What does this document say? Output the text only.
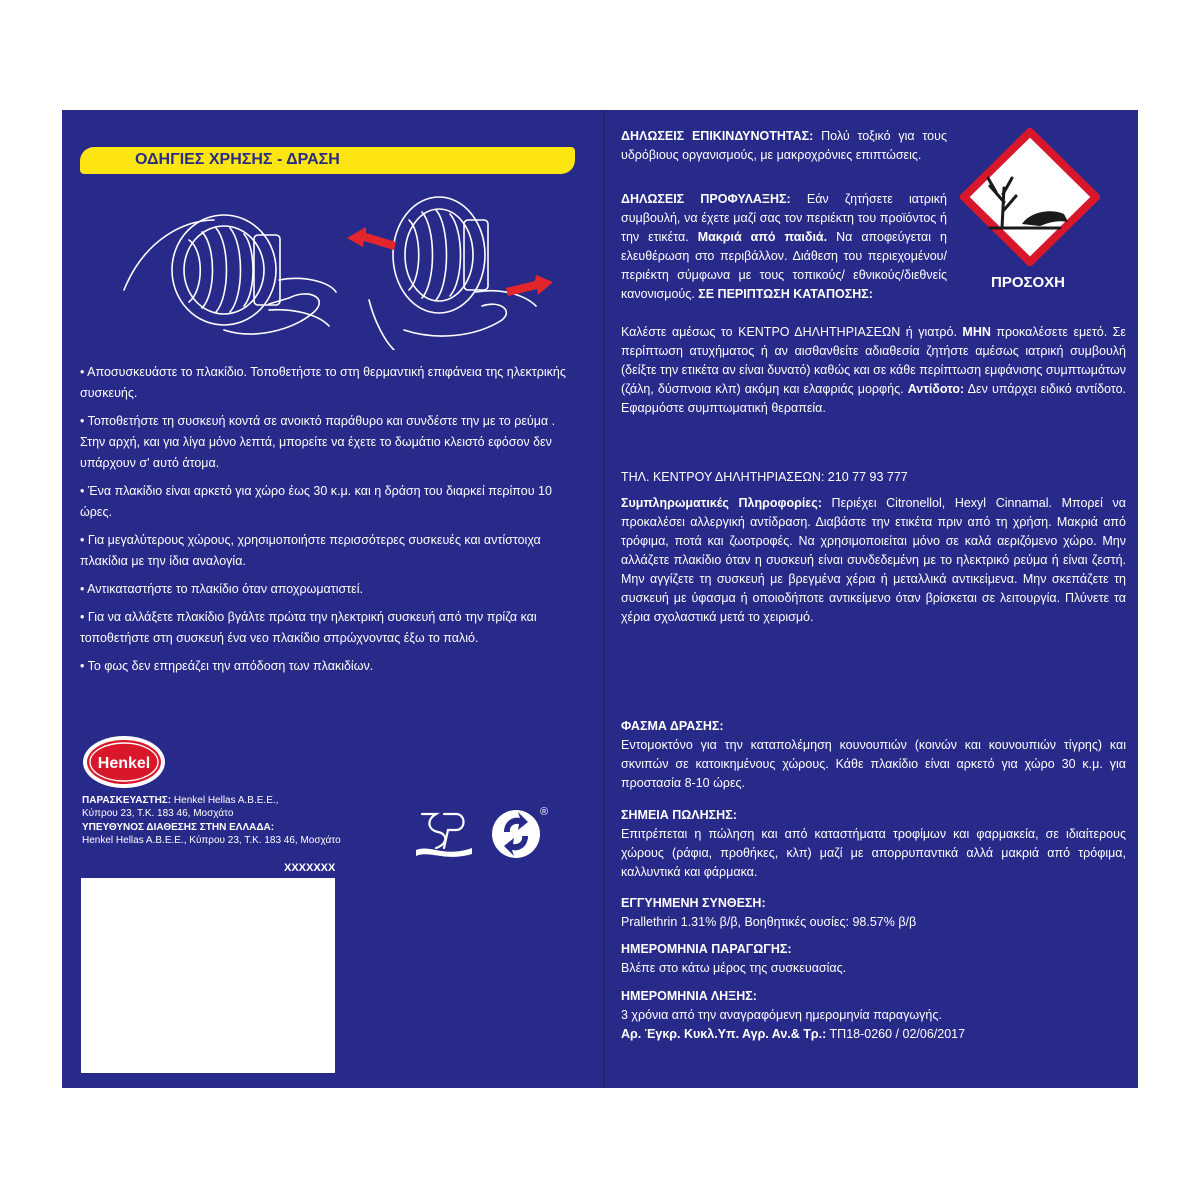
ΟΔΗΓΙΕΣ ΧΡΗΣΗΣ - ΔΡΑΣΗ

• Αποσυσκευάστε το πλακίδιο. Τοποθετήστε το στη θερμαντική επιφάνεια της ηλεκτρικής συσκευής.

• Τοποθετήστε τη συσκευή κοντά σε ανοικτό παράθυρο και συνδέστε την με το ρεύμα . Στην αρχή, και για λίγα μόνο λεπτά, μπορείτε να έχετε το δωμάτιο κλειστό εφόσον δεν υπάρχουν σ' αυτό άτομα.

• Ένα πλακίδιο είναι αρκετό για χώρο έως 30 κ.μ. και η δράση του διαρκεί περίπου 10 ώρες.

• Για μεγαλύτερους χώρους, χρησιμοποιήστε περισσότερες συσκευές και αντίστοιχα πλακίδια με την ίδια αναλογία.

• Αντικαταστήστε το πλακίδιο όταν αποχρωματιστεί.

• Για να αλλάξετε πλακίδιο βγάλτε πρώτα την ηλεκτρική συσκευή από την πρίζα και τοποθετήστε στη συσκευή ένα νεο πλακίδιο σπρώχνοντας έξω το παλιό.

• Το φως δεν επηρεάζει την απόδοση των πλακιδίων.

Henkel
ΠΑΡΑΣΚΕΥΑΣΤΗΣ: Henkel Hellas A.B.E.E.,
Κύπρου 23, Τ.Κ. 183 46, Μοσχάτο
ΥΠΕΥΘΥΝΟΣ ΔΙΑΘΕΣΗΣ ΣΤΗΝ ΕΛΛΑΔΑ:
Henkel Hellas A.B.E.E., Κύπρου 23, Τ.Κ. 183 46, Μοσχάτο
XXXXXXX
®
ΠΡΟΣΟΧΗ
ΔΗΛΩΣΕΙΣ ΕΠΙΚΙΝΔΥΝΟΤΗΤΑΣ: Πολύ τοξικό για τους υδρόβιους οργανισμούς, με μακροχρόνιες επιπτώσεις.
ΔΗΛΩΣΕΙΣ ΠΡΟΦΥΛΑΞΗΣ: Εάν ζητήσετε ιατρική συμβουλή, να έχετε μαζί σας τον περιέκτη του προϊόντος ή την ετικέτα. Μακριά από παιδιά. Να αποφεύγεται η ελευθέρωση στο περιβάλλον. Διάθεση του περιεχομένου/ περιέκτη σύμφωνα με τους τοπικούς/ εθνικούς/διεθνείς κανονισμούς. ΣΕ ΠΕΡΙΠΤΩΣΗ ΚΑΤΑΠΟΣΗΣ:
Καλέστε αμέσως το ΚΕΝΤΡΟ ΔΗΛΗΤΗΡΙΑΣΕΩΝ ή γιατρό. ΜΗΝ προκαλέσετε εμετό. Σε περίπτωση ατυχήματος ή αν αισθανθείτε αδιαθεσία ζητήστε αμέσως ιατρική συμβουλή (δείξτε την ετικέτα αν είναι δυνατό) καθώς και σε κάθε περίπτωση εμφάνισης συμπτωμάτων (ζάλη, δύσπνοια κλπ) ακόμη και ελαφριάς μορφής. Αντίδοτο: Δεν υπάρχει ειδικό αντίδοτο. Εφαρμόστε συμπτωματική θεραπεία.
ΤΗΛ. ΚΕΝΤΡΟΥ ΔΗΛΗΤΗΡΙΑΣΕΩΝ: 210 77 93 777
Συμπληρωματικές Πληροφορίες: Περιέχει Citronellol, Hexyl Cinnamal. Μπορεί να προκαλέσει αλλεργική αντίδραση. Διαβάστε την ετικέτα πριν από τη χρήση. Μακριά από τρόφιμα, ποτά και ζωοτροφές. Να χρησιμοποιείται μόνο σε καλά αεριζόμενο χώρο. Μην αλλάζετε πλακίδιο όταν η συσκευή είναι συνδεδεμένη με το ηλεκτρικό ρεύμα ή είναι ζεστή. Μην αγγίζετε τη συσκευή με βρεγμένα χέρια ή μεταλλικά αντικείμενα. Μην σκεπάζετε τη συσκευή με ύφασμα ή οποιοδήποτε αντικείμενο όταν βρίσκεται σε λειτουργία. Πλύνετε τα χέρια σχολαστικά μετά το χειρισμό.
ΦΑΣΜΑ ΔΡΑΣΗΣ:
Εντομοκτόνο για την καταπολέμηση κουνουπιών (κοινών και κουνουπιών τίγρης) και σκνιπών σε κατοικημένους χώρους. Κάθε πλακίδιο είναι αρκετό για χώρο 30 κ.μ. για προστασία 8-10 ώρες.
ΣΗΜΕΙΑ ΠΩΛΗΣΗΣ:
Επιτρέπεται η πώληση και από καταστήματα τροφίμων και φαρμακεία, σε ιδιαίτερους χώρους (ράφια, προθήκες, κλπ) μαζί με απορρυπαντικά αλλά μακριά από τρόφιμα, καλλυντικά και φάρμακα.
ΕΓΓΥΗΜΕΝΗ ΣΥΝΘΕΣΗ:
Prallethrin 1.31% β/β, Βοηθητικές ουσίες: 98.57% β/β
ΗΜΕΡΟΜΗΝΙΑ ΠΑΡΑΓΩΓΗΣ:
Βλέπε στο κάτω μέρος της συσκευασίας.
ΗΜΕΡΟΜΗΝΙΑ ΛΗΞΗΣ:
3 χρόνια από την αναγραφόμενη ημερομηνία παραγωγής.
Αρ. Έγκρ. Κυκλ.Υπ. Αγρ. Αν.& Τρ.: ΤΠ18-0260 / 02/06/2017
